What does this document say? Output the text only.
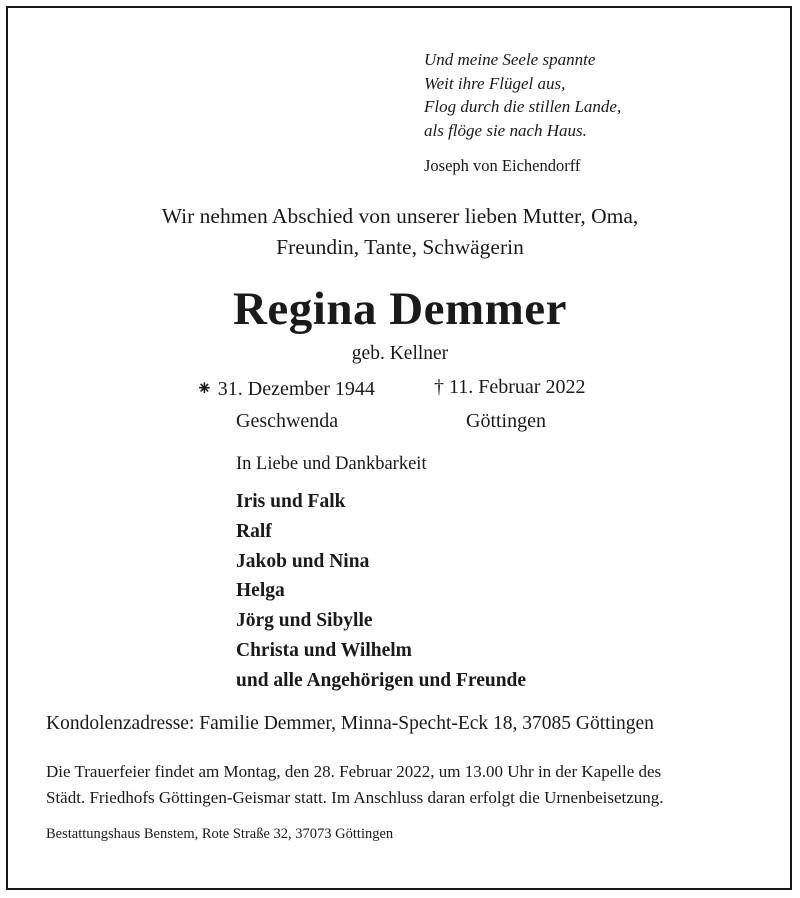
Und meine Seele spannte
Weit ihre Flügel aus,
Flog durch die stillen Lande,
als flöge sie nach Haus.
Joseph von Eichendorff
Wir nehmen Abschied von unserer lieben Mutter, Oma,
Freundin, Tante, Schwägerin
Regina Demmer
geb. Kellner
⁕ 31. Dezember 1944	† 11. Februar 2022
Geschwenda	Göttingen
In Liebe und Dankbarkeit
Iris und Falk
Ralf
Jakob und Nina
Helga
Jörg und Sibylle
Christa und Wilhelm
und alle Angehörigen und Freunde
Kondolenzadresse: Familie Demmer, Minna-Specht-Eck 18, 37085 Göttingen
Die Trauerfeier findet am Montag, den 28. Februar 2022, um 13.00 Uhr in der Kapelle des
Städt. Friedhofs Göttingen-Geismar statt. Im Anschluss daran erfolgt die Urnenbeisetzung.
Bestattungshaus Benstem, Rote Straße 32, 37073 Göttingen
